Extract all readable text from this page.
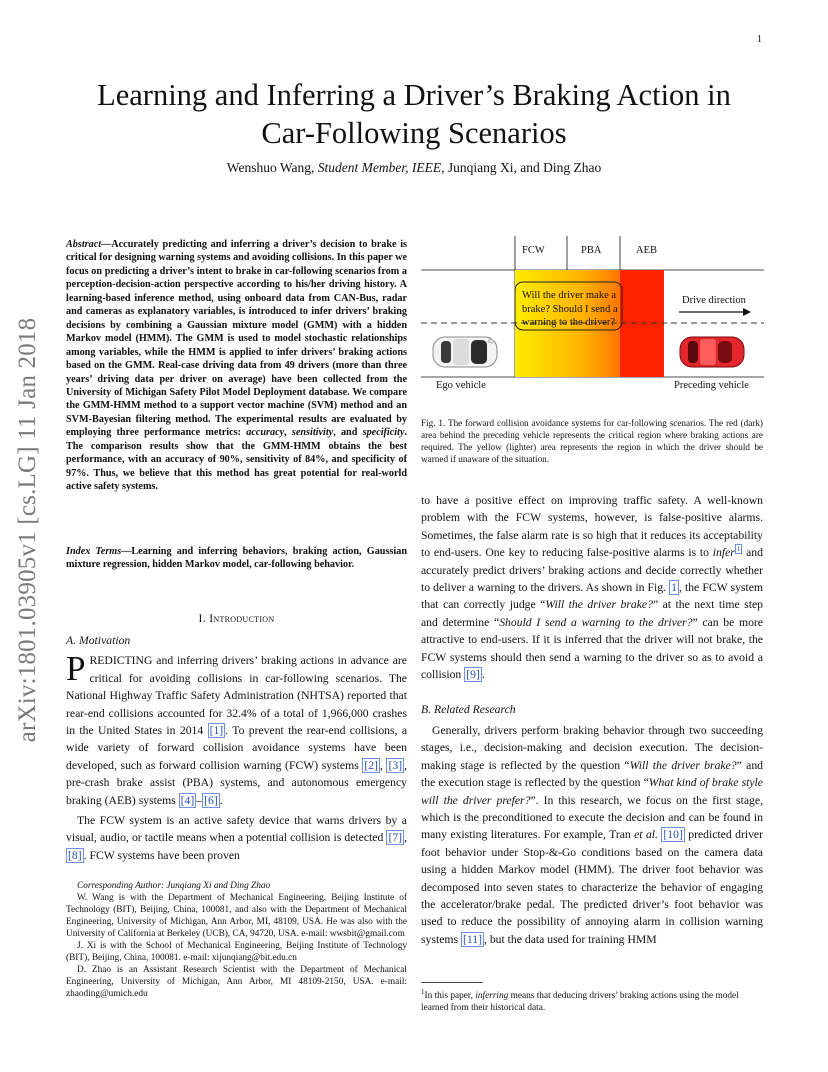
1
arXiv:1801.03905v1 [cs.LG] 11 Jan 2018
Learning and Inferring a Driver’s Braking Action in
Car-Following Scenarios
Wenshuo Wang, Student Member, IEEE, Junqiang Xi, and Ding Zhao
Abstract—Accurately predicting and inferring a driver’s decision to brake is critical for designing warning systems and avoiding collisions. In this paper we focus on predicting a driver’s intent to brake in car-following scenarios from a perception-decision-action perspective according to his/her driving history. A learning-based inference method, using onboard data from CAN-Bus, radar and cameras as explanatory variables, is introduced to infer drivers’ braking decisions by combining a Gaussian mixture model (GMM) with a hidden Markov model (HMM). The GMM is used to model stochastic relationships among variables, while the HMM is applied to infer drivers’ braking actions based on the GMM. Real-case driving data from 49 drivers (more than three years’ driving data per driver on average) have been collected from the University of Michigan Safety Pilot Model Deployment database. We compare the GMM-HMM method to a support vector machine (SVM) method and an SVM-Bayesian filtering method. The experimental results are evaluated by employing three performance metrics: accuracy, sensitivity, and specificity. The comparison results show that the GMM-HMM obtains the best performance, with an accuracy of 90%, sensitivity of 84%, and specificity of 97%. Thus, we believe that this method has great potential for real-world active safety systems.
Index Terms—Learning and inferring behaviors, braking action, Gaussian mixture regression, hidden Markov model, car-following behavior.
I. Introduction

A. Motivation

PREDICTING and inferring drivers’ braking actions in advance are critical for avoiding collisions in car-following scenarios. The National Highway Traffic Safety Administration (NHTSA) reported that rear-end collisions accounted for 32.4% of a total of 1,966,000 crashes in the United States in 2014 [1] . To prevent the rear-end collisions, a wide variety of forward collision avoidance systems have been developed, such as forward collision warning (FCW) systems [2] , [3] , pre-crash brake assist (PBA) systems, and autonomous emergency braking (AEB) systems [4] – [6] .

The FCW system is an active safety device that warns drivers by a visual, audio, or tactile means when a potential collision is detected [7] , [8] . FCW systems have been proven

Corresponding Author: Junqiang Xi and Ding Zhao

W. Wang is with the Department of Mechanical Engineering, Beijing Institute of Technology (BIT), Beijing, China, 100081, and also with the Department of Mechanical Engineering, University of Michigan, Ann Arbor, MI, 48109, USA. He was also with the University of California at Berkeley (UCB), CA, 94720, USA. e-mail: wwsbit@gmail.com

J. Xi is with the School of Mechanical Engineering, Beijing Institute of Technology (BIT), Beijing, China, 100081. e-mail: xijunqiang@bit.edu.cn

D. Zhao is an Assistant Research Scientist with the Department of Mechanical Engineering, University of Michigan, Ann Arbor, MI 48109-2150, USA. e-mail: zhaoding@umich.edu

FCW	PBA	AEB
Will the driver make a
brake? Should I send a
warning to the driver?
Drive direction
Ego vehicle	Preceding vehicle
Fig. 1. The forward collision avoidance systems for car-following scenarios. The red (dark) area behind the preceding vehicle represents the critical region where braking actions are required. The yellow (lighter) area represents the region in which the driver should be warned if unaware of the situation.

to have a positive effect on improving traffic safety. A well-known problem with the FCW systems, however, is false-positive alarms. Sometimes, the false alarm rate is so high that it reduces its acceptability to end-users. One key to reducing false-positive alarms is to infer $^1$ and accurately predict drivers’ braking actions and decide correctly whether to deliver a warning to the drivers. As shown in Fig. 1 , the FCW system that can correctly judge “Will the driver brake?” at the next time step and determine “Should I send a warning to the driver?” can be more attractive to end-users. If it is inferred that the driver will not brake, the FCW systems should then send a warning to the driver so as to avoid a collision [9] .

B. Related Research

Generally, drivers perform braking behavior through two succeeding stages, i.e., decision-making and decision execution. The decision-making stage is reflected by the question “Will the driver brake?” and the execution stage is reflected by the question “What kind of brake style will the driver prefer?”. In this research, we focus on the first stage, which is the preconditioned to execute the decision and can be found in many existing literatures. For example, Tran et al. [10] predicted driver foot behavior under Stop-&-Go conditions based on the camera data using a hidden Markov model (HMM). The driver foot behavior was decomposed into seven states to characterize the behavior of engaging the accelerator/brake pedal. The predicted driver’s foot behavior was used to reduce the possibility of annoying alarm in collision warning systems [11] , but the data used for training HMM

$^1$In this paper, inferring means that deducing drivers’ braking actions using the model learned from their historical data.
